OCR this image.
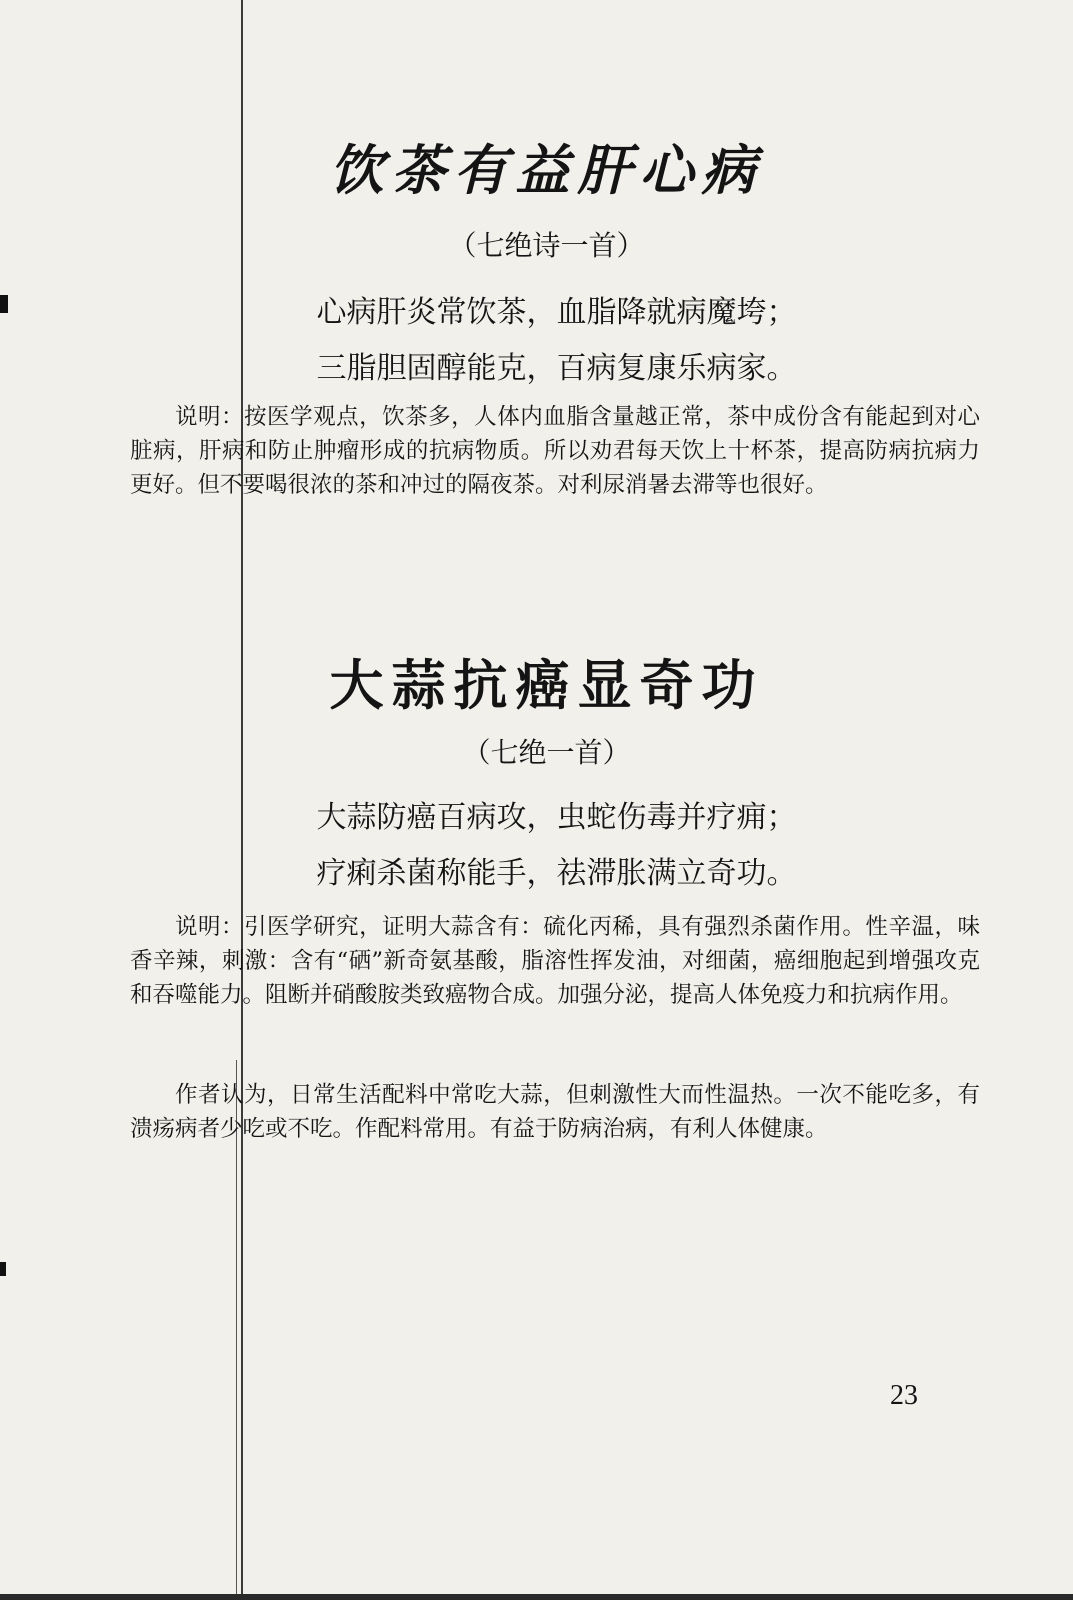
饮茶有益肝心病

（七绝诗一首）

心病肝炎常饮茶，血脂降就病魔垮；

三脂胆固醇能克，百病复康乐病家。

说明：按医学观点，饮茶多，人体内血脂含量越正常，茶中成份含有能起到对心脏病，肝病和防止肿瘤形成的抗病物质。所以劝君每天饮上十杯茶，提高防病抗病力更好。但不要喝很浓的茶和冲过的隔夜茶。对利尿消暑去滞等也很好。

大蒜抗癌显奇功

（七绝一首）

大蒜防癌百病攻，虫蛇伤毒并疗痈；

疗痢杀菌称能手，祛滞胀满立奇功。

说明：引医学研究，证明大蒜含有：硫化丙稀，具有强烈杀菌作用。性辛温，味香辛辣，刺激：含有“硒”新奇氨基酸，脂溶性挥发油，对细菌，癌细胞起到增强攻克和吞噬能力。阻断并硝酸胺类致癌物合成。加强分泌，提高人体免疫力和抗病作用。

作者认为，日常生活配料中常吃大蒜，但刺激性大而性温热。一次不能吃多，有溃疡病者少吃或不吃。作配料常用。有益于防病治病，有利人体健康。

23
